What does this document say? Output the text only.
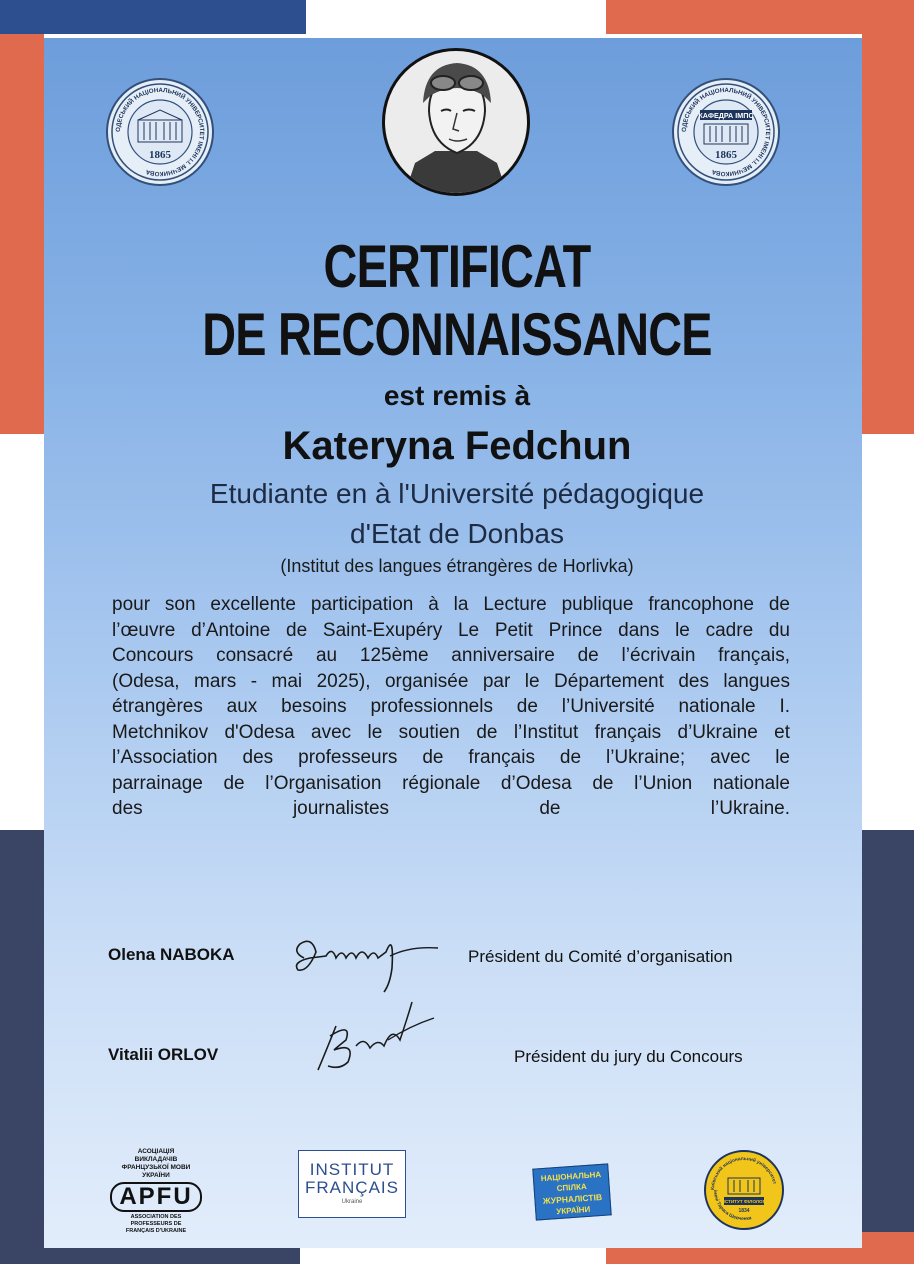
ОДЕСЬКИЙ НАЦІОНАЛЬНИЙ УНІВЕРСИТЕТ ІМЕНІ І.І. МЕЧНИКОВА
1865
ОДЕСЬКИЙ НАЦІОНАЛЬНИЙ УНІВЕРСИТЕТ ІМЕНІ І.І. МЕЧНИКОВА
КАФЕДРА ІМПС
1865
CERTIFICAT
DE RECONNAISSANCE
est remis à
Kateryna Fedchun
Etudiante en à l'Université pédagogique
d'Etat de Donbas
(Institut des langues étrangères de Horlivka)
pour son excellente participation à la Lecture publique francophone de
l’œuvre d’Antoine de Saint-Exupéry Le Petit Prince dans le cadre du
Concours consacré au 125ème anniversaire de l’écrivain français,
(Odesa, mars - mai 2025), organisée par le Département des langues
étrangères aux besoins professionnels de l’Université nationale I.
Metchnikov d'Odesa avec le soutien de l’Institut français d’Ukraine et
l’Association des professeurs de français de l’Ukraine; avec le
parrainage de l’Organisation régionale d’Odesa de l’Union nationale
des journalistes de l’Ukraine.
Olena NABOKA	Président du Comité d’organisation
Vitalii ORLOV	Président du jury du Concours
АСОЦІАЦІЯ ВИКЛАДАЧІВ ФРАНЦУЗЬКОЇ МОВИ УКРАЇНИ
APFU
ASSOCIATION DES PROFESSEURS DE FRANÇAIS D'UKRAINE
INSTITUT
FRANÇAIS
Ukraine
НАЦІОНАЛЬНА СПІЛКА
ЖУРНАЛІСТІВ
УКРАЇНИ
Київський національний університет
імені Тараса Шевченка
ІНСТИТУТ ФІЛОЛОГІЇ
1834
